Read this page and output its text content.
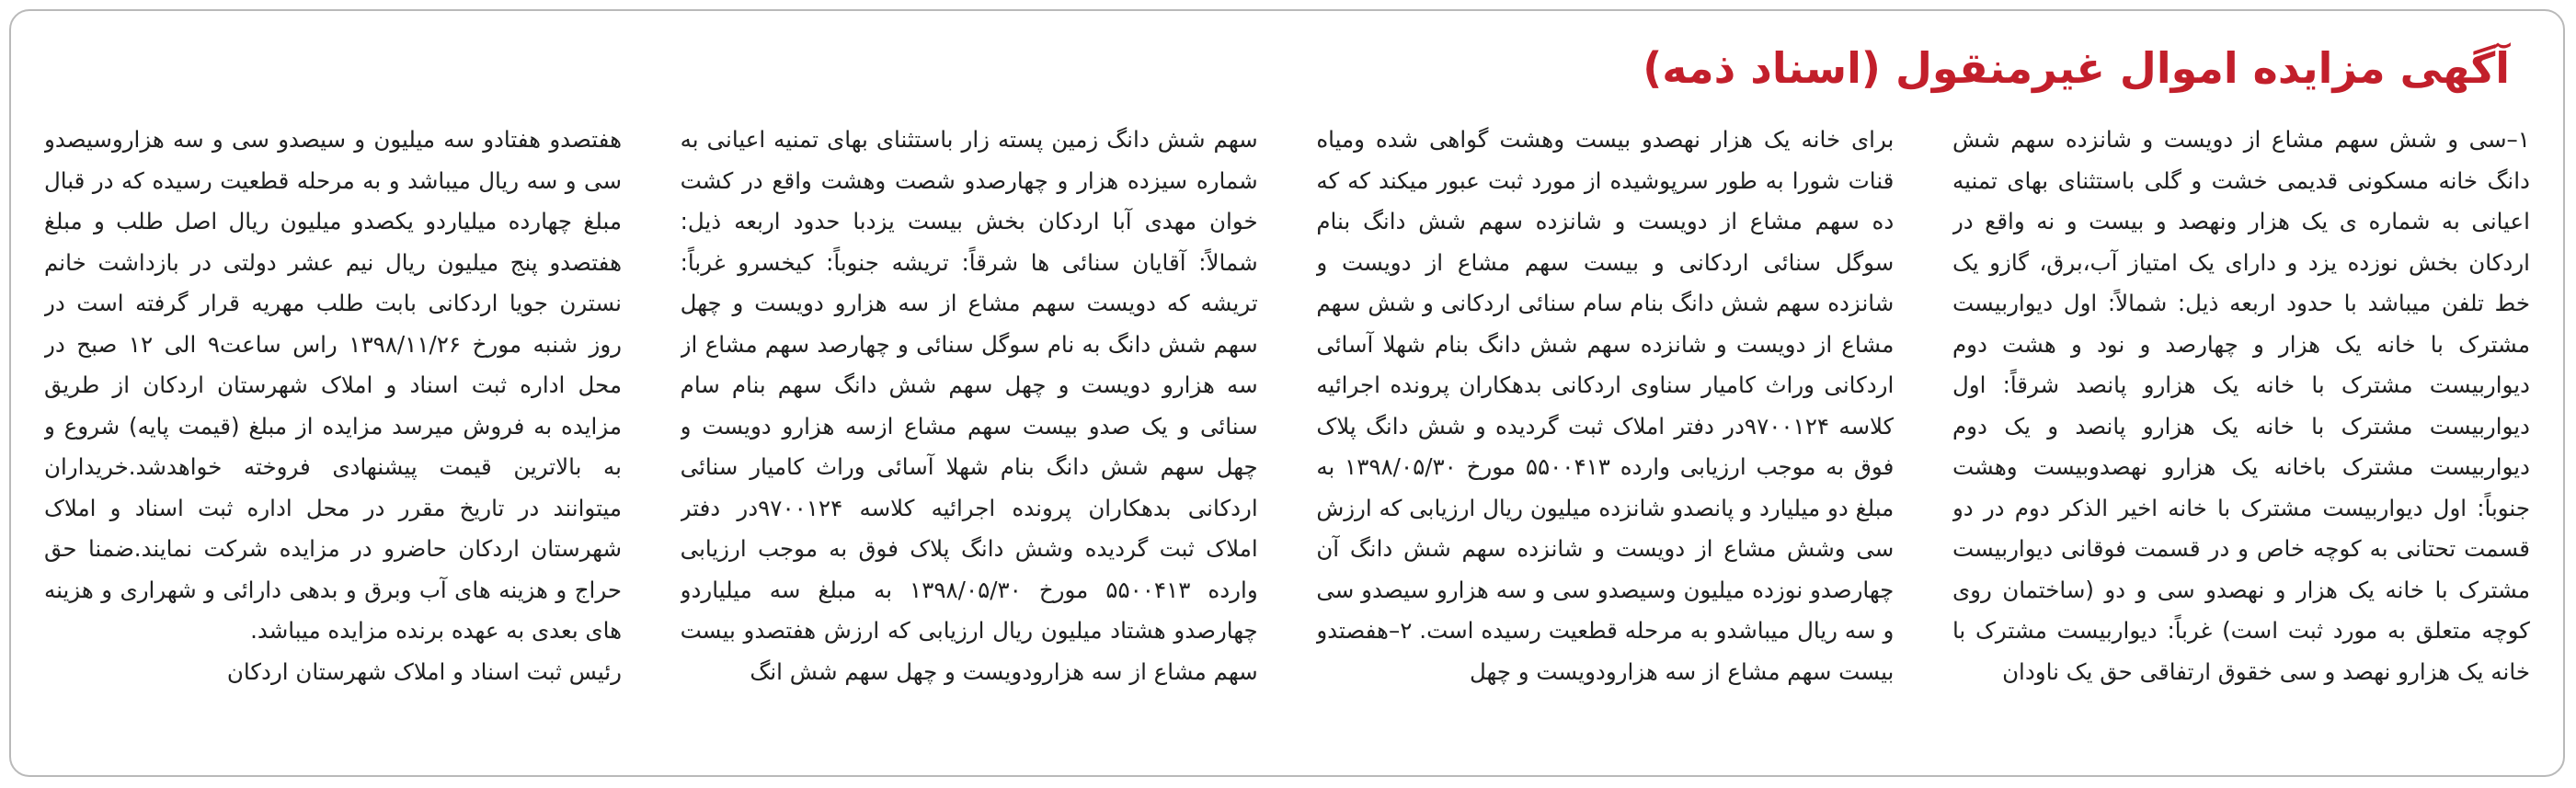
آگهی مزایده اموال غیرمنقول (اسناد ذمه)

۱–سی و شش سهم مشاع از دویست و شانزده سهم شش دانگ خانه مسکونی قدیمی خشت و گلی باستثنای بهای تمنیه اعیانی به شماره ی یک هزار ونهصد و بیست و نه واقع در اردکان بخش نوزده یزد و دارای یک امتیاز آب،برق، گازو یک خط تلفن میباشد با حدود اربعه ذیل: شمالاً: اول دیواربیست مشترک با خانه یک هزار و چهارصد و نود و هشت دوم دیواربیست مشترک با خانه یک هزارو پانصد شرقاً: اول دیواربیست مشترک با خانه یک هزارو پانصد و یک دوم دیواربیست مشترک باخانه یک هزارو نهصدوبیست وهشت جنوباً: اول دیواربیست مشترک با خانه اخیر الذکر دوم در دو قسمت تحتانی به کوچه خاص و در قسمت فوقانی دیواربیست مشترک با خانه یک هزار و نهصدو سی و دو (ساختمان روی کوچه متعلق به مورد ثبت است) غرباً: دیواربیست مشترک با خانه یک هزارو نهصد و سی خقوق ارتفاقی حق یک ناودان

برای خانه یک هزار نهصدو بیست وهشت گواهی شده ومیاه قنات شورا به طور سرپوشیده از مورد ثبت عبور میکند که که ده سهم مشاع از دویست و شانزده سهم شش دانگ بنام سوگل سنائی اردکانی و بیست سهم مشاع از دویست و شانزده سهم شش دانگ بنام سام سنائی اردکانی و شش سهم مشاع از دویست و شانزده سهم شش دانگ بنام شهلا آسائی اردکانی وراث کامیار سناوی اردکانی بدهکاران پرونده اجرائیه کلاسه ۹۷۰۰۱۲۴در دفتر املاک ثبت گردیده و شش دانگ پلاک فوق به موجب ارزیابی وارده ۵۵۰۰۴۱۳ مورخ ۱۳۹۸/۰۵/۳۰ به مبلغ دو میلیارد و پانصدو شانزده میلیون ریال ارزیابی که ارزش سی وشش مشاع از دویست و شانزده سهم شش دانگ آن چهارصدو نوزده میلیون وسیصدو سی و سه هزارو سیصدو سی و سه ریال میباشدو به مرحله قطعیت رسیده است. ۲–هفصتدو بیست سهم مشاع از سه هزارودویست و چهل

سهم شش دانگ زمین پسته زار باستثنای بهای تمنیه اعیانی به شماره سیزده هزار و چهارصدو شصت وهشت واقع در کشت خوان مهدی آبا اردکان بخش بیست یزدبا حدود اربعه ذیل: شمالاً: آقایان سنائی ها شرقاً: تریشه جنوباً: کیخسرو غرباً: تریشه که دویست سهم مشاع از سه هزارو دویست و چهل سهم شش دانگ به نام سوگل سنائی و چهارصد سهم مشاع از سه هزارو دویست و چهل سهم شش دانگ سهم بنام سام سنائی و یک صدو بیست سهم مشاع ازسه هزارو دویست و چهل سهم شش دانگ بنام شهلا آسائی وراث کامیار سنائی اردکانی بدهکاران پرونده اجرائیه کلاسه ۹۷۰۰۱۲۴در دفتر املاک ثبت گردیده وشش دانگ پلاک فوق به موجب ارزیابی وارده ۵۵۰۰۴۱۳ مورخ ۱۳۹۸/۰۵/۳۰ به مبلغ سه میلیاردو چهارصدو هشتاد میلیون ریال ارزیابی که ارزش هفتصدو بیست سهم مشاع از سه هزارودویست و چهل سهم شش انگ

هفتصدو هفتادو سه میلیون و سیصدو سی و سه هزاروسیصدو سی و سه ریال میباشد و به مرحله قطعیت رسیده که در قبال مبلغ چهارده میلیاردو یکصدو میلیون ریال اصل طلب و مبلغ هفتصدو پنج میلیون ریال نیم عشر دولتی در بازداشت خانم نسترن جویا اردکانی بابت طلب مهریه قرار گرفته است در روز شنبه مورخ ۱۳۹۸/۱۱/۲۶ راس ساعت۹ الی ۱۲ صبح در محل اداره ثبت اسناد و املاک شهرستان اردکان از طریق مزایده به فروش میرسد مزایده از مبلغ (قیمت پایه) شروع و به بالاترین قیمت پیشنهادی فروخته خواهدشد.خریداران میتوانند در تاریخ مقرر در محل اداره ثبت اسناد و املاک شهرستان اردکان حاضرو در مزایده شرکت نمایند.ضمنا حق حراج و هزینه های آب وبرق و بدهی دارائی و شهراری و هزینه های بعدی به عهده برنده مزایده میباشد.

رئیس ثبت اسناد و املاک شهرستان اردکان
